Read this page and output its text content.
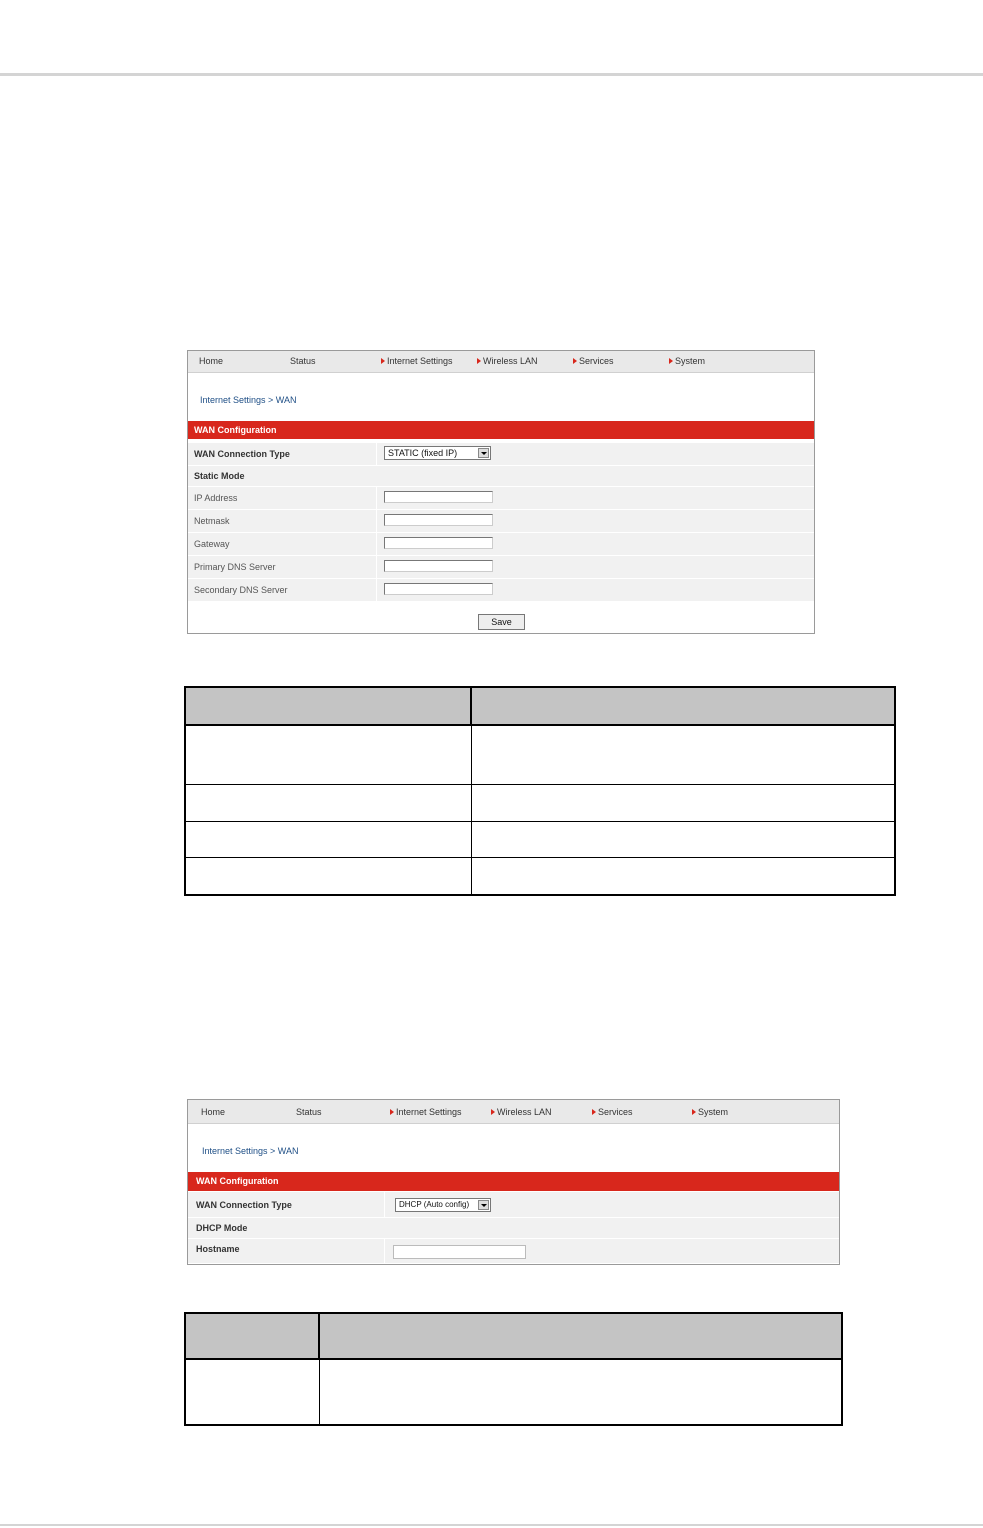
Home	Status	Internet Settings	Wireless LAN	Services	System
Internet Settings > WAN
WAN Configuration
WAN Connection Type	STATIC (fixed IP)
Static Mode
IP Address
Netmask
Gateway
Primary DNS Server
Secondary DNS Server
Save

Home	Status	Internet Settings	Wireless LAN	Services	System
Internet Settings > WAN
WAN Configuration
WAN Connection Type	DHCP (Auto config)
DHCP Mode
Hostname
